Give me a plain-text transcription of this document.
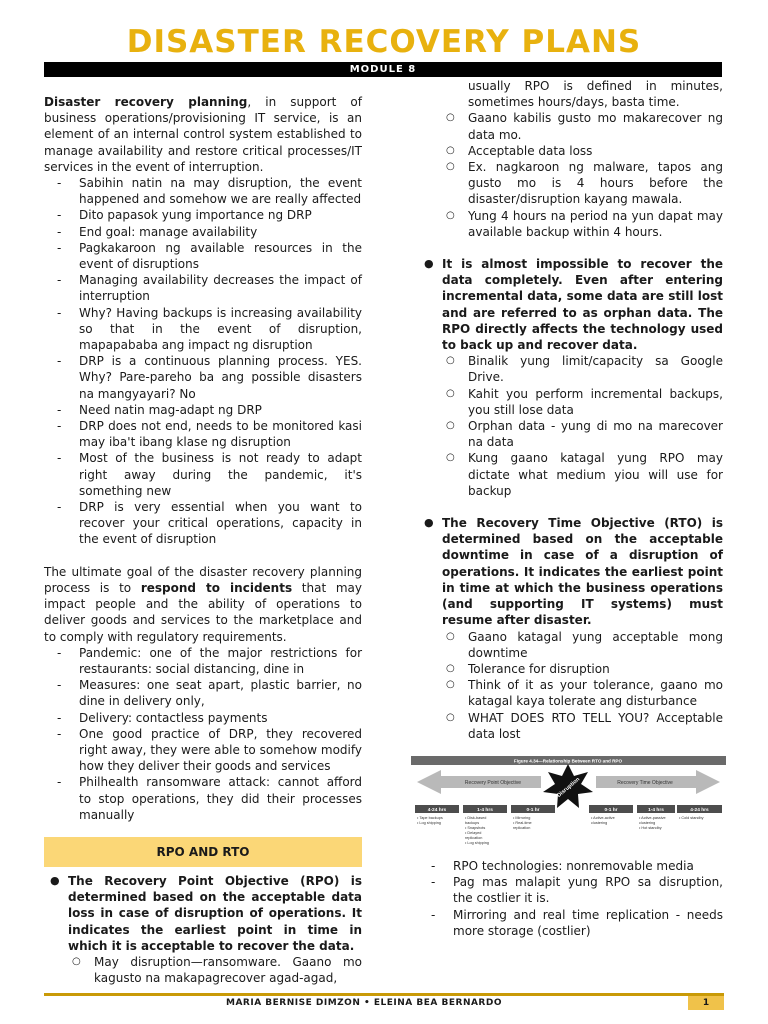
DISASTER RECOVERY PLANS
MODULE 8

Disaster recovery planning, in support of business operations/provisioning IT service, is an element of an internal control system established to manage availability and restore critical processes/IT services in the event of interruption.

- Sabihin natin na may disruption, the event happened and somehow we are really affected
- Dito papasok yung importance ng DRP
- End goal: manage availability
- Pagkakaroon ng available resources in the event of disruptions
- Managing availability decreases the impact of interruption
- Why? Having backups is increasing availability so that in the event of disruption, mapapababa ang impact ng disruption
- DRP is a continuous planning process. YES. Why? Pare-pareho ba ang possible disasters na mangyayari? No
- Need natin mag-adapt ng DRP
- DRP does not end, needs to be monitored kasi may iba't ibang klase ng disruption
- Most of the business is not ready to adapt right away during the pandemic, it's something new
- DRP is very essential when you want to recover your critical operations, capacity in the event of disruption

The ultimate goal of the disaster recovery planning process is to respond to incidents that may impact people and the ability of operations to deliver goods and services to the marketplace and to comply with regulatory requirements.

- Pandemic: one of the major restrictions for restaurants: social distancing, dine in
- Measures: one seat apart, plastic barrier, no dine in delivery only,
- Delivery: contactless payments
- One good practice of DRP, they recovered right away, they were able to somehow modify how they deliver their goods and services
- Philhealth ransomware attack: cannot afford to stop operations, they did their processes manually
RPO AND RTO
● The Recovery Point Objective (RPO) is determined based on the acceptable data loss in case of disruption of operations. It indicates the earliest point in time in which it is acceptable to recover the data.
○ May disruption—ransomware. Gaano mo kagusto na makapagrecover agad-agad,
usually RPO is defined in minutes, sometimes hours/days, basta time.
○ Gaano kabilis gusto mo makarecover ng data mo.
○ Acceptable data loss
○ Ex. nagkaroon ng malware, tapos ang gusto mo is 4 hours before the disaster/disruption kayang mawala.
○ Yung 4 hours na period na yun dapat may available backup within 4 hours.
● It is almost impossible to recover the data completely. Even after entering incremental data, some data are still lost and are referred to as orphan data. The RPO directly affects the technology used to back up and recover data.
○ Binalik yung limit/capacity sa Google Drive.
○ Kahit you perform incremental backups, you still lose data
○ Orphan data - yung di mo na marecover na data
○ Kung gaano katagal yung RPO may dictate what medium yiou will use for backup
● The Recovery Time Objective (RTO) is determined based on the acceptable downtime in case of a disruption of operations. It indicates the earliest point in time at which the business operations (and supporting IT systems) must resume after disaster.
○ Gaano katagal yung acceptable mong downtime
○ Tolerance for disruption
○ Think of it as your tolerance, gaano mo katagal kaya tolerate ang disturbance
○ WHAT DOES RTO TELL YOU? Acceptable data lost
Figure 4.34—Relationship Between RTO and RPO
Recovery Point Objective	Recovery Time Objective
Disruption
4-24 hrs	1-4 hrs	0-1 hr	0-1 hr	1-4 hrs	4-24 hrs
• Tape backups
• Log shipping
• Disk-based
backups
• Snapshots
• Delayed
replication
• Log shipping
• Mirroring
• Real-time
replication
• Active-active
clustering
• Active-passive
clustering
• Hot standby
• Cold standby
- RPO technologies: nonremovable media
- Pag mas malapit yung RPO sa disruption, the costlier it is.
- Mirroring and real time replication - needs more storage (costlier)
MARIA BERNISE DIMZON • ELEINA BEA BERNARDO	1
